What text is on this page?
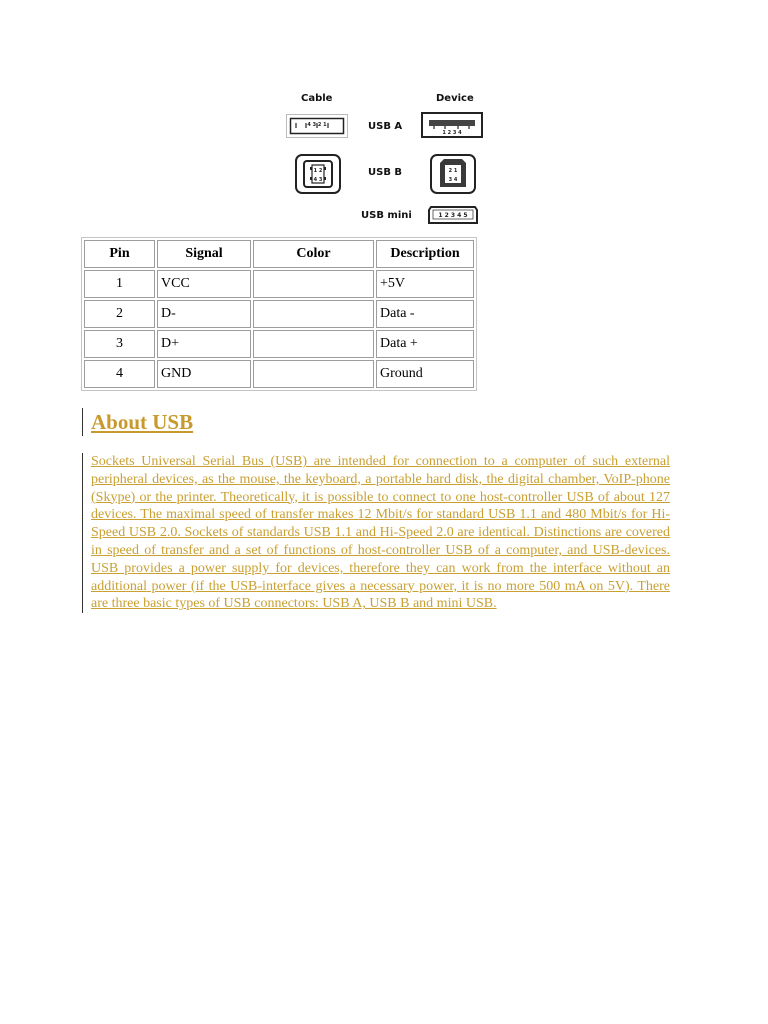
Cable	Device
USB A
USB B
USB mini
4 3 2 1
1 2 3 4
1 2
4 3
2 1
3 4
1 2 3 4 5
Pin	Signal	Color	Description
1	VCC		+5V
2	D-		Data -
3	D+		Data +
4	GND		Ground
About USB
Sockets Universal Serial Bus (USB) are intended for connection to a computer of such external peripheral devices, as the mouse, the keyboard, a portable hard disk, the digital chamber, VoIP-phone (Skype) or the printer. Theoretically, it is possible to connect to one host-controller USB of about 127 devices. The maximal speed of transfer makes 12 Mbit/s for standard USB 1.1 and 480 Mbit/s for Hi-Speed USB 2.0. Sockets of standards USB 1.1 and Hi-Speed 2.0 are identical. Distinctions are covered in speed of transfer and a set of functions of host-controller USB of a computer, and USB-devices. USB provides a power supply for devices, therefore they can work from the interface without an additional power (if the USB-interface gives a necessary power, it is no more 500 mA on 5V). There are three basic types of USB connectors: USB A, USB B and mini USB.
